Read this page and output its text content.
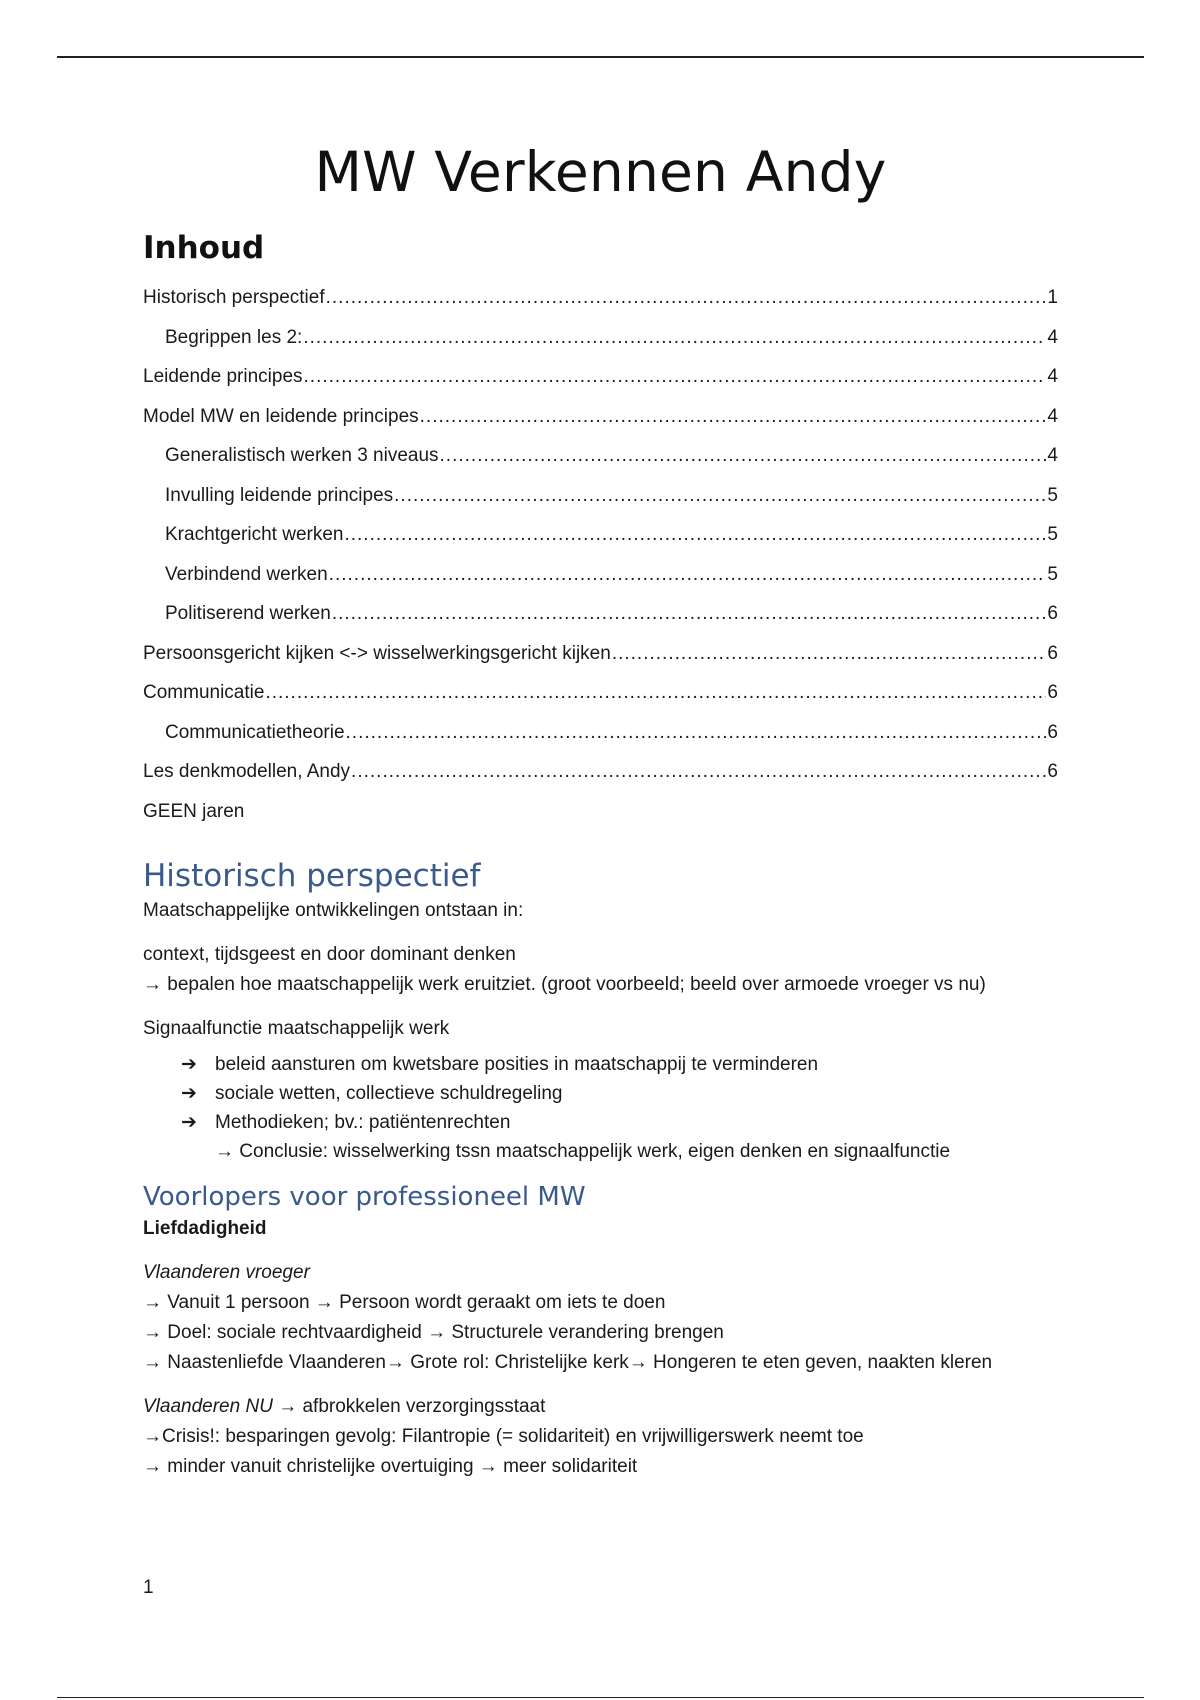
MW Verkennen Andy
Inhoud
Historisch perspectief .....	1
Begrippen les 2: .....	4
Leidende principes .....	4
Model MW en leidende principes .....	4
Generalistisch werken 3 niveaus .....	4
Invulling leidende principes .....	5
Krachtgericht werken .....	5
Verbindend werken .....	5
Politiserend werken .....	6
Persoonsgericht kijken <-> wisselwerkingsgericht kijken .....	6
Communicatie .....	6
Communicatietheorie .....	6
Les denkmodellen, Andy .....	6
GEEN jaren
Historisch perspectief

Maatschappelijke ontwikkelingen ontstaan in:

context, tijdsgeest en door dominant denken

→ bepalen hoe maatschappelijk werk eruitziet. (groot voorbeeld; beeld over armoede vroeger vs nu)

Signaalfunctie maatschappelijk werk

➔ beleid aansturen om kwetsbare posities in maatschappij te verminderen
➔ sociale wetten, collectieve schuldregeling
➔ Methodieken; bv.: patiëntenrechten
→ Conclusie: wisselwerking tssn maatschappelijk werk, eigen denken en signaalfunctie
Voorlopers voor professioneel MW

Liefdadigheid

Vlaanderen vroeger

→ Vanuit 1 persoon → Persoon wordt geraakt om iets te doen

→ Doel: sociale rechtvaardigheid → Structurele verandering brengen

→ Naastenliefde Vlaanderen→ Grote rol: Christelijke kerk→ Hongeren te eten geven, naakten kleren

Vlaanderen NU → afbrokkelen verzorgingsstaat

→Crisis!: besparingen gevolg: Filantropie (= solidariteit) en vrijwilligerswerk neemt toe

→ minder vanuit christelijke overtuiging → meer solidariteit

1
